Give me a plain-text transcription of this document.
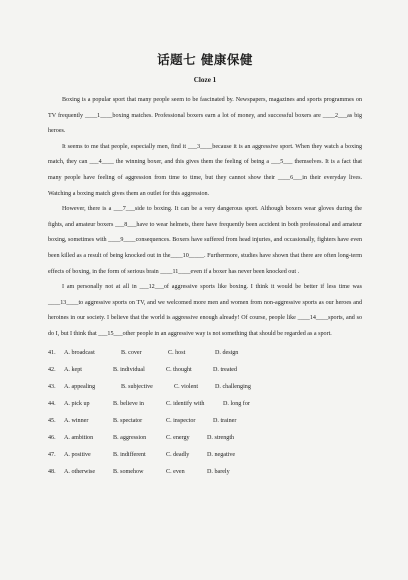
话题七 健康保健
Cloze 1

Boxing is a popular sport that many people seem to be fascinated by. Newspapers, magazines and sports programmes on TV frequently ____1____boxing matches. Professional boxers earn a lot of money, and successful boxers are ____2___as big heroes.

It seems to me that people, especially men, find it ___3____because it is an aggressive sport. When they watch a boxing match, they can ___4____ the winning boxer, and this gives them the feeling of being a ___5___ themselves. It is a fact that many people have feeling of aggression from time to time, but they cannot show their ____6___in their everyday lives. Watching a boxing match gives them an outlet for this aggression.

However, there is a ___7___side to boxing. It can be a very dangerous sport. Although boxers wear gloves during the fights, and amateur boxers ___8___have to wear helmets, there have frequently been accident in both professional and amateur boxing, sometimes with ____9____consequences. Boxers have suffered from head injuries, and occasionally, fighters have even been killed as a result of being knocked out in the____10_____. Furthermore, studies have shown that there are often long-term effects of boxing, in the form of serious brain ____11____even if a boxer has never been knocked out .

I am personally not at all in ___12___of aggressive sports like boxing. I think it would be better if less time was ____13____to aggressive sports on TV, and we welcomed more men and women from non-aggressive sports as our heroes and heroines in our society. I believe that the world is aggressive enough already! Of course, people like ____14____sports, and so do I, but I think that ___15___other people in an aggressive way is not something that should be regarded as a sport.

41.	A. broadcast	B. cover	C. host	D. design
42.	A. kept	B. individual	C. thought	D. treated
43.	A. appealing	B. subjective	C. violent	D. challenging
44.	A. pick up	B. believe in	C. identify with	D. long for
45.	A. winner	B. spectator	C. inspector	D. trainer
46.	A. ambition	B. aggression	C. energy	D. strength
47.	A. positive	B. indifferent	C. deadly	D. negative
48.	A. otherwise	B. somehow	C. even	D. barely
